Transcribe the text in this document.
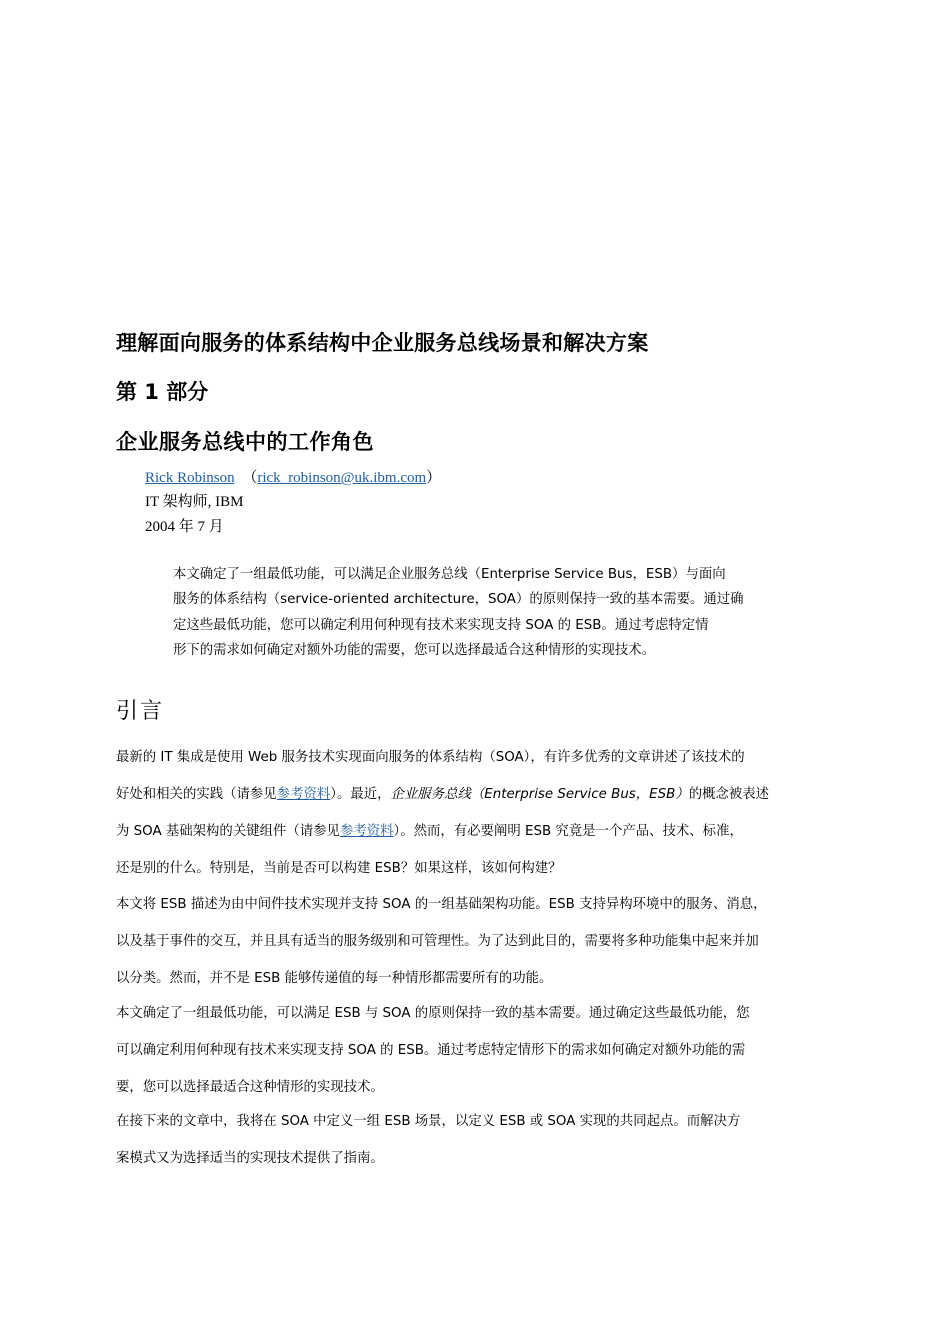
理解面向服务的体系结构中企业服务总线场景和解决方案
第 1 部分
企业服务总线中的工作角色
Rick Robinson （rick_robinson@uk.ibm.com）
IT 架构师, IBM
2004 年 7 月

本文确定了一组最低功能，可以满足企业服务总线（Enterprise Service Bus，ESB）与面向

服务的体系结构（service-oriented architecture，SOA）的原则保持一致的基本需要。通过确

定这些最低功能，您可以确定利用何种现有技术来实现支持 SOA 的 ESB。通过考虑特定情

形下的需求如何确定对额外功能的需要，您可以选择最适合这种情形的实现技术。

引言
最新的 IT 集成是使用 Web 服务技术实现面向服务的体系结构（SOA），有许多优秀的文章讲述了该技术的
好处和相关的实践（请参见参考资料）。最近，企业服务总线（Enterprise Service Bus，ESB）的概念被表述
为 SOA 基础架构的关键组件（请参见参考资料）。然而，有必要阐明 ESB 究竟是一个产品、技术、标准，
还是别的什么。特别是，当前是否可以构建 ESB？如果这样，该如何构建？
本文将 ESB 描述为由中间件技术实现并支持 SOA 的一组基础架构功能。ESB 支持异构环境中的服务、消息，
以及基于事件的交互，并且具有适当的服务级别和可管理性。为了达到此目的，需要将多种功能集中起来并加
以分类。然而，并不是 ESB 能够传递值的每一种情形都需要所有的功能。
本文确定了一组最低功能，可以满足 ESB 与 SOA 的原则保持一致的基本需要。通过确定这些最低功能，您
可以确定利用何种现有技术来实现支持 SOA 的 ESB。通过考虑特定情形下的需求如何确定对额外功能的需
要，您可以选择最适合这种情形的实现技术。
在接下来的文章中，我将在 SOA 中定义一组 ESB 场景，以定义 ESB 或 SOA 实现的共同起点。而解决方
案模式又为选择适当的实现技术提供了指南。
